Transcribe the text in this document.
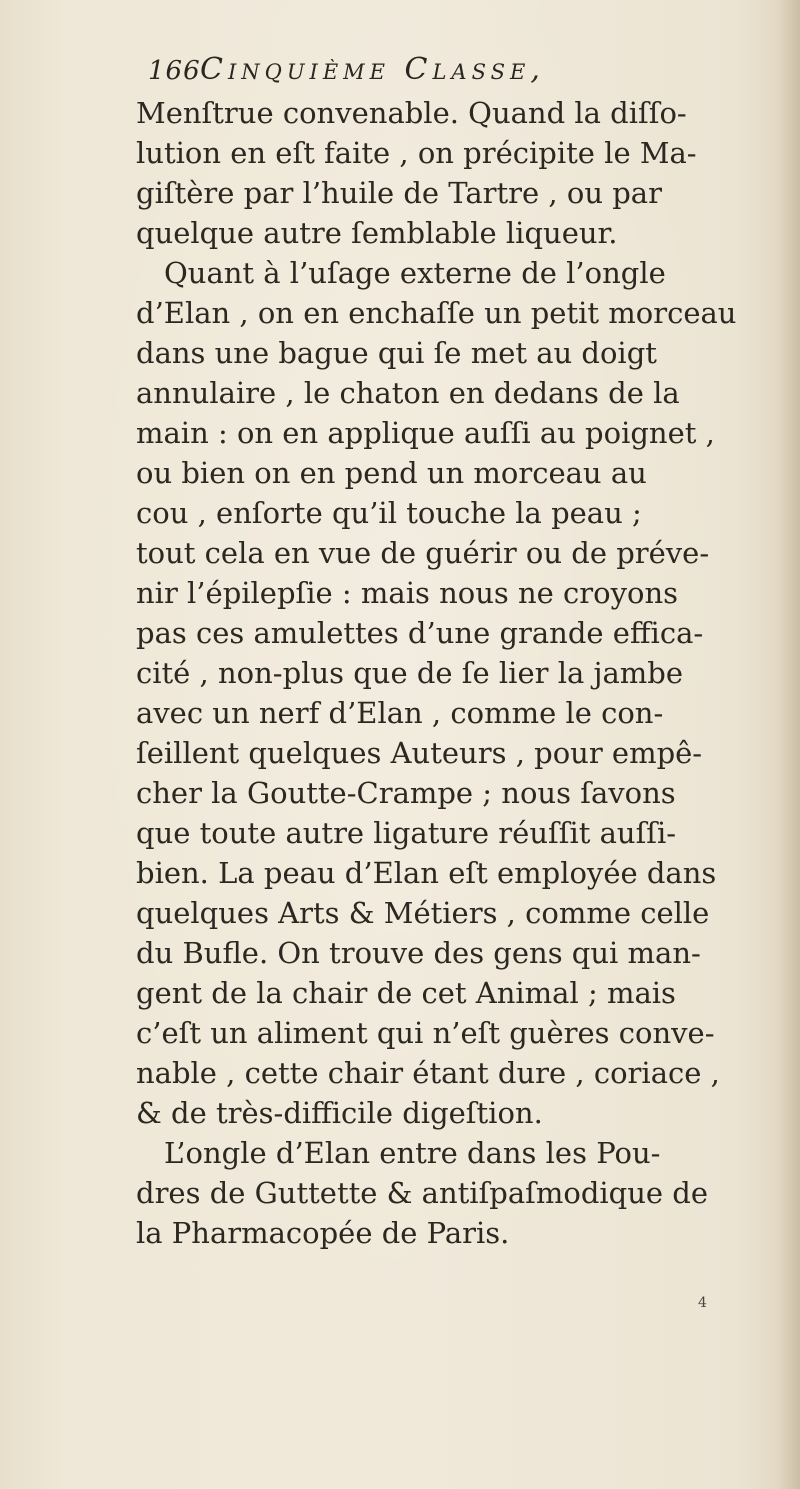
166 Cinquième Classe,
Menſtrue convenable. Quand la diſſo-
lution en eſt faite , on précipite le Ma-
giſtère par l’huile de Tartre , ou par
quelque autre ſemblable liqueur.
Quant à l’uſage externe de l’ongle
d’Elan , on en enchaſſe un petit morceau
dans une bague qui ſe met au doigt
annulaire , le chaton en dedans de la
main : on en applique auſſi au poignet ,
ou bien on en pend un morceau au
cou , enſorte qu’il touche la peau ;
tout cela en vue de guérir ou de préve-
nir l’épilepſie : mais nous ne croyons
pas ces amulettes d’une grande effica-
cité , non-plus que de ſe lier la jambe
avec un nerf d’Elan , comme le con-
ſeillent quelques Auteurs , pour empê-
cher la Goutte-Crampe ; nous ſavons
que toute autre ligature réuſſit auſſi-
bien. La peau d’Elan eſt employée dans
quelques Arts & Métiers , comme celle
du Bufle. On trouve des gens qui man-
gent de la chair de cet Animal ; mais
c’eſt un aliment qui n’eſt guères conve-
nable , cette chair étant dure , coriace ,
& de très-difficile digeſtion.
L’ongle d’Elan entre dans les Pou-
dres de Guttette & antiſpaſmodique de
la Pharmacopée de Paris.
4
